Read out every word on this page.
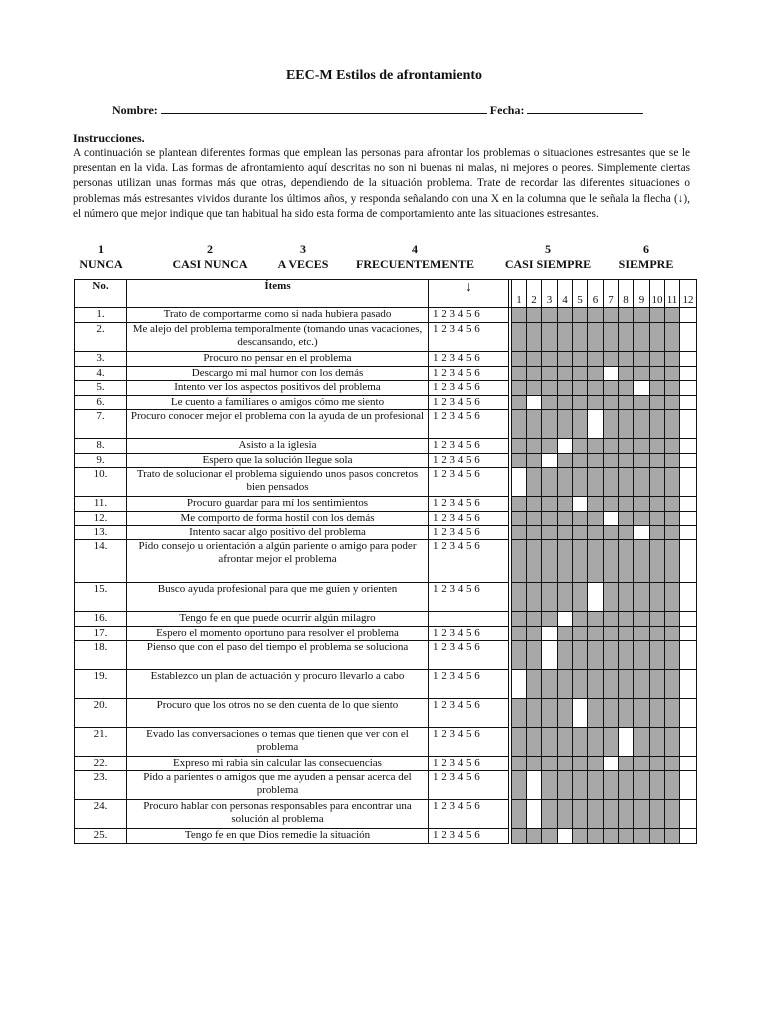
EEC-M Estilos de afrontamiento
Nombre:	Fecha:
Instrucciones.

A continuación se plantean diferentes formas que emplean las personas para afrontar los problemas o situaciones estresantes que se le presentan en la vida. Las formas de afrontamiento aquí descritas no son ni buenas ni malas, ni mejores o peores. Simplemente ciertas personas utilizan unas formas más que otras, dependiendo de la situación problema. Trate de recordar las diferentes situaciones o problemas más estresantes vividos durante los últimos años, y responda señalando con una X en la columna que le señala la flecha (↓), el número que mejor indique que tan habitual ha sido esta forma de comportamiento ante las situaciones estresantes.

1
NUNCA
2
CASI NUNCA
3
A VECES
4
FRECUENTEMENTE
5
CASI SIEMPRE
6
SIEMPRE
No.	Ítems	↓		1	2	3	4	5	6	7	8	9	10	11	12
1.	Trato de comportarme como si nada hubiera pasado	1 2 3 4 5 6													
2.	Me alejo del problema temporalmente (tomando unas vacaciones, descansando, etc.)	1 2 3 4 5 6													
3.	Procuro no pensar en el problema	1 2 3 4 5 6													
4.	Descargo mi mal humor con los demás	1 2 3 4 5 6													
5.	Intento ver los aspectos positivos del problema	1 2 3 4 5 6													
6.	Le cuento a familiares o amigos cómo me siento	1 2 3 4 5 6													
7.	Procuro conocer mejor el problema con la ayuda de un profesional	1 2 3 4 5 6													
8.	Asisto a la iglesia	1 2 3 4 5 6													
9.	Espero que la solución llegue sola	1 2 3 4 5 6													
10.	Trato de solucionar el problema siguiendo unos pasos concretos bien pensados	1 2 3 4 5 6													
11.	Procuro guardar para mí los sentimientos	1 2 3 4 5 6													
12.	Me comporto de forma hostil con los demás	1 2 3 4 5 6													
13.	Intento sacar algo positivo del problema	1 2 3 4 5 6													
14.	Pido consejo u orientación a algún pariente o amigo para poder afrontar mejor el problema	1 2 3 4 5 6													
15.	Busco ayuda profesional para que me guíen y orienten	1 2 3 4 5 6													
16.	Tengo fe en que puede ocurrir algún milagro														
17.	Espero el momento oportuno para resolver el problema	1 2 3 4 5 6													
18.	Pienso que con el paso del tiempo el problema se soluciona	1 2 3 4 5 6													
19.	Establezco un plan de actuación y procuro llevarlo a cabo	1 2 3 4 5 6													
20.	Procuro que los otros no se den cuenta de lo que siento	1 2 3 4 5 6													
21.	Evado las conversaciones o temas que tienen que ver con el problema	1 2 3 4 5 6													
22.	Expreso mi rabia sin calcular las consecuencias	1 2 3 4 5 6													
23.	Pido a parientes o amigos que me ayuden a pensar acerca del problema	1 2 3 4 5 6													
24.	Procuro hablar con personas responsables para encontrar una solución al problema	1 2 3 4 5 6													
25.	Tengo fe en que Dios remedie la situación	1 2 3 4 5 6													
